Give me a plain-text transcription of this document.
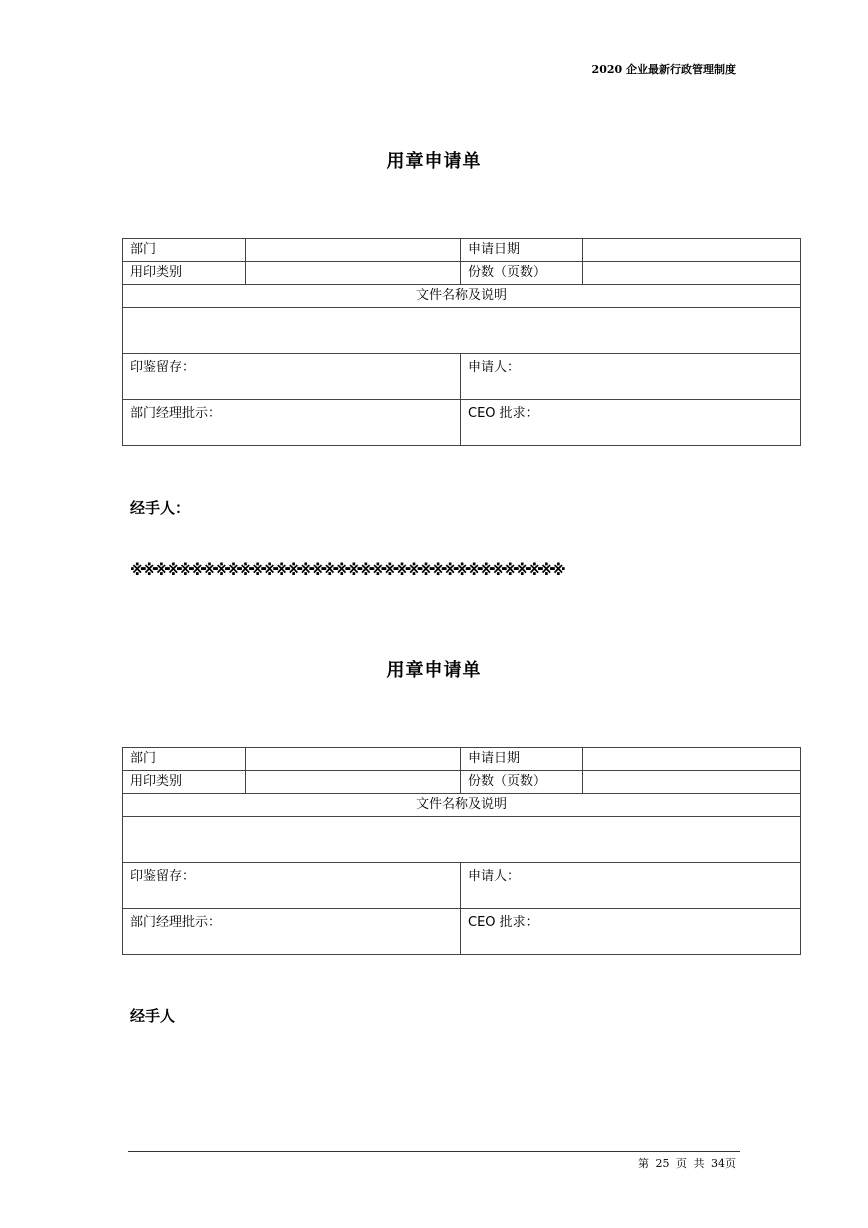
2020 企业最新行政管理制度
用章申请单
部门		申请日期	
用印类别		份数（页数）	
文件名称及说明			

印鉴留存：		申请人：	
部门经理批示：		CEO 批求：	
经手人：
※※※※※※※※※※※※※※※※※※※※※※※※※※※※※※※※※※※※
用章申请单
部门		申请日期	
用印类别		份数（页数）	
文件名称及说明			

印鉴留存：		申请人：	
部门经理批示：		CEO 批求：	
经手人
第 25 页 共 34页
